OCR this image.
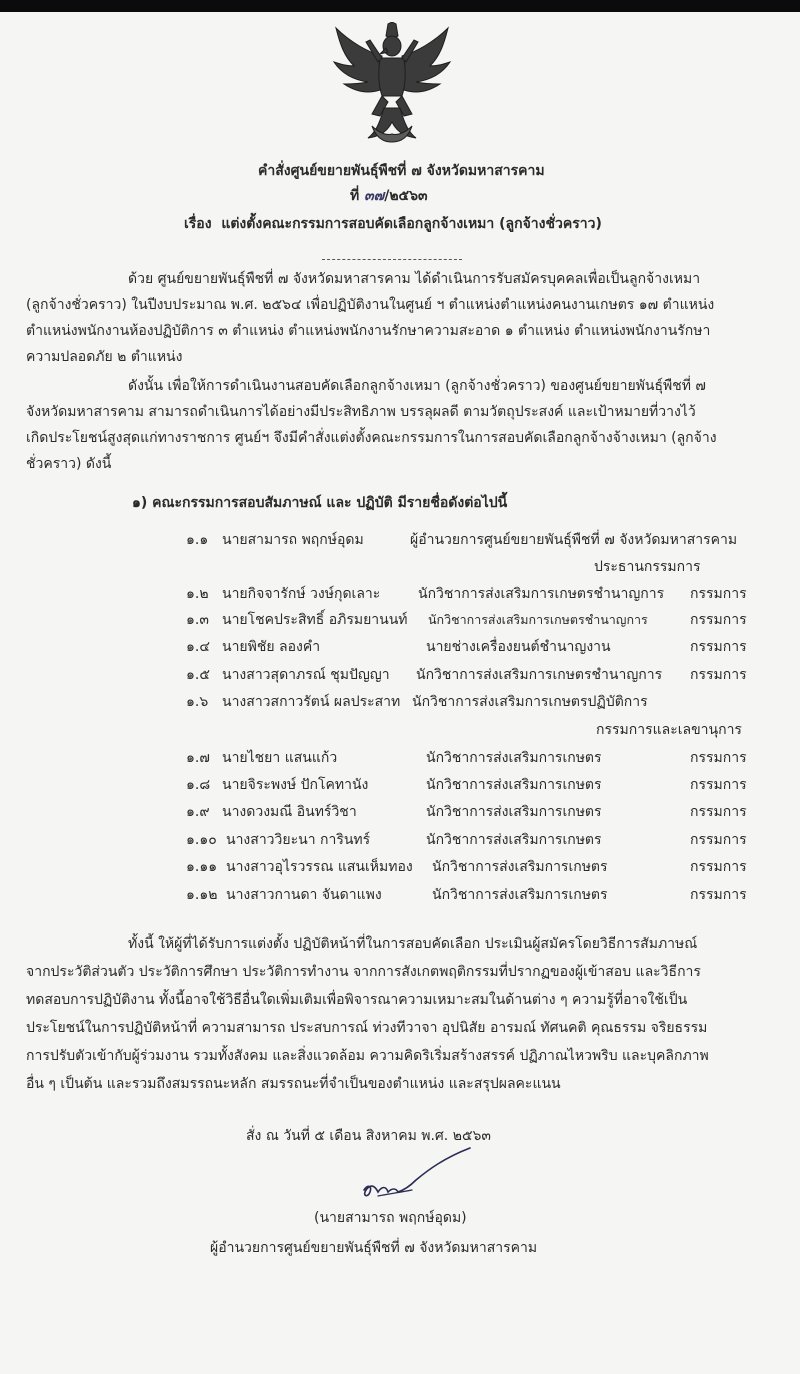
คำสั่งศูนย์ขยายพันธุ์พืชที่ ๗ จังหวัดมหาสารคาม
ที่ ๓๗/๒๕๖๓
เรื่อง แต่งตั้งคณะกรรมการสอบคัดเลือกลูกจ้างเหมา (ลูกจ้างชั่วคราว)
ด้วย ศูนย์ขยายพันธุ์พืชที่ ๗ จังหวัดมหาสารคาม ได้ดำเนินการรับสมัครบุคคลเพื่อเป็นลูกจ้างเหมา
(ลูกจ้างชั่วคราว) ในปีงบประมาณ พ.ศ. ๒๕๖๔ เพื่อปฏิบัติงานในศูนย์ ฯ ตำแหน่งตำแหน่งคนงานเกษตร ๑๗ ตำแหน่ง
ตำแหน่งพนักงานห้องปฏิบัติการ ๓ ตำแหน่ง ตำแหน่งพนักงานรักษาความสะอาด ๑ ตำแหน่ง ตำแหน่งพนักงานรักษา
ความปลอดภัย ๒ ตำแหน่ง
ดังนั้น เพื่อให้การดำเนินงานสอบคัดเลือกลูกจ้างเหมา (ลูกจ้างชั่วคราว) ของศูนย์ขยายพันธุ์พืชที่ ๗
จังหวัดมหาสารคาม สามารถดำเนินการได้อย่างมีประสิทธิภาพ บรรลุผลดี ตามวัตถุประสงค์ และเป้าหมายที่วางไว้
เกิดประโยชน์สูงสุดแก่ทางราชการ ศูนย์ฯ จึงมีคำสั่งแต่งตั้งคณะกรรมการในการสอบคัดเลือกลูกจ้างจ้างเหมา (ลูกจ้าง
ชั่วคราว) ดังนี้
๑) คณะกรรมการสอบสัมภาษณ์ และ ปฏิบัติ มีรายชื่อดังต่อไปนี้
๑.๑ นายสามารถ พฤกษ์อุดม	ผู้อำนวยการศูนย์ขยายพันธุ์พืชที่ ๗ จังหวัดมหาสารคาม
ประธานกรรมการ
๑.๒ นายกิจจารักษ์ วงษ์กุดเลาะ	นักวิชาการส่งเสริมการเกษตรชำนาญการ กรรมการ
๑.๓ นายโชคประสิทธิ์ อภิรมยานนท์ นักวิชาการส่งเสริมการเกษตรชำนาญการ	กรรมการ
๑.๔ นายพิชัย ลองคำ	นายช่างเครื่องยนต์ชำนาญงาน	กรรมการ
๑.๕ นางสาวสุดาภรณ์ ชุมปัญญา นักวิชาการส่งเสริมการเกษตรชำนาญการ กรรมการ
๑.๖ นางสาวสกาวรัตน์ ผลประสาท นักวิชาการส่งเสริมการเกษตรปฏิบัติการ
กรรมการและเลขานุการ
๑.๗ นายไชยา แสนแก้ว	นักวิชาการส่งเสริมการเกษตร	กรรมการ
๑.๘ นายจิระพงษ์ ปักโคทานัง	นักวิชาการส่งเสริมการเกษตร	กรรมการ
๑.๙ นางดวงมณี อินทร์วิชา	นักวิชาการส่งเสริมการเกษตร	กรรมการ
๑.๑๐ นางสาววิยะนา การินทร์	นักวิชาการส่งเสริมการเกษตร	กรรมการ
๑.๑๑ นางสาวอุไรวรรณ แสนเห็มทอง นักวิชาการส่งเสริมการเกษตร	กรรมการ
๑.๑๒ นางสาวกานดา จันดาแพง	นักวิชาการส่งเสริมการเกษตร	กรรมการ
ทั้งนี้ ให้ผู้ที่ได้รับการแต่งตั้ง ปฏิบัติหน้าที่ในการสอบคัดเลือก ประเมินผู้สมัครโดยวิธีการสัมภาษณ์
จากประวัติส่วนตัว ประวัติการศึกษา ประวัติการทำงาน จากการสังเกตพฤติกรรมที่ปรากฏของผู้เข้าสอบ และวิธีการ
ทดสอบการปฏิบัติงาน ทั้งนี้อาจใช้วิธีอื่นใดเพิ่มเติมเพื่อพิจารณาความเหมาะสมในด้านต่าง ๆ ความรู้ที่อาจใช้เป็น
ประโยชน์ในการปฏิบัติหน้าที่ ความสามารถ ประสบการณ์ ท่วงทีวาจา อุปนิสัย อารมณ์ ทัศนคติ คุณธรรม จริยธรรม
การปรับตัวเข้ากับผู้ร่วมงาน รวมทั้งสังคม และสิ่งแวดล้อม ความคิดริเริ่มสร้างสรรค์ ปฏิภาณไหวพริบ และบุคลิกภาพ
อื่น ๆ เป็นต้น และรวมถึงสมรรถนะหลัก สมรรถนะที่จำเป็นของตำแหน่ง และสรุปผลคะแนน
สั่ง ณ วันที่ ๕ เดือน สิงหาคม พ.ศ. ๒๕๖๓
(นายสามารถ พฤกษ์อุดม)
ผู้อำนวยการศูนย์ขยายพันธุ์พืชที่ ๗ จังหวัดมหาสารคาม
